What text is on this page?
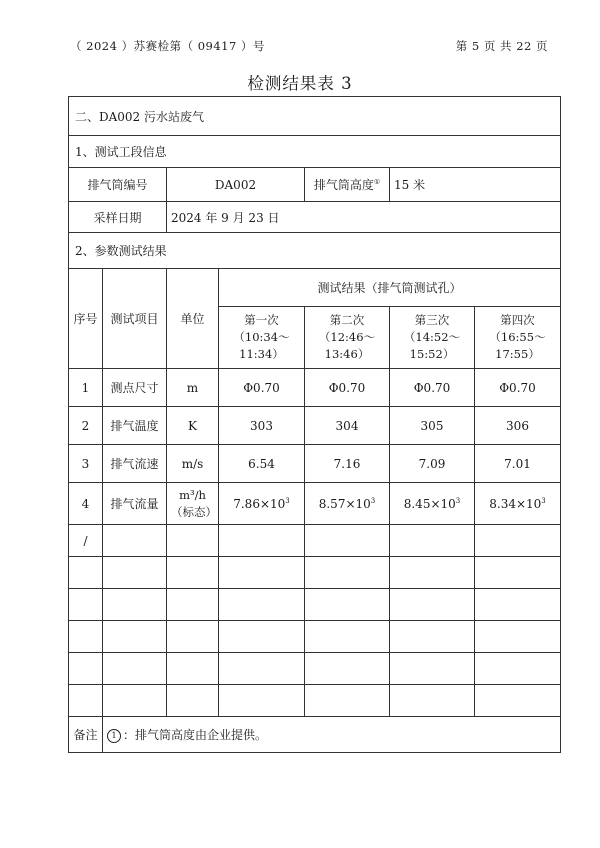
（ 2024 ）苏赛检第（ 09417 ）号	第 5 页 共 22 页
检测结果表 3
二、DA002 污水站废气						
1、测试工段信息						
排气筒编号		DA002		排气筒高度①	15 米	
采样日期		2024 年 9 月 23 日				
2、参数测试结果						
序号	测试项目	单位	测试结果（排气筒测试孔）			

			第一次
（10:34～
11:34）	第二次
（12:46～
13:46）	第三次
（14:52～
15:52）	第四次
（16:55～
17:55）

1	测点尺寸	m	Φ0.70	Φ0.70	Φ0.70	Φ0.70
2	排气温度	K	303	304	305	306
3	排气流速	m/s	6.54	7.16	7.09	7.01
4	排气流量	m³/h
（标态）	$7.86\times 10^3$	$8.57\times 10^3$	$8.45\times 10^3$	$8.34\times 10^3$
/						

备注	1 ：排气筒高度由企业提供。					
